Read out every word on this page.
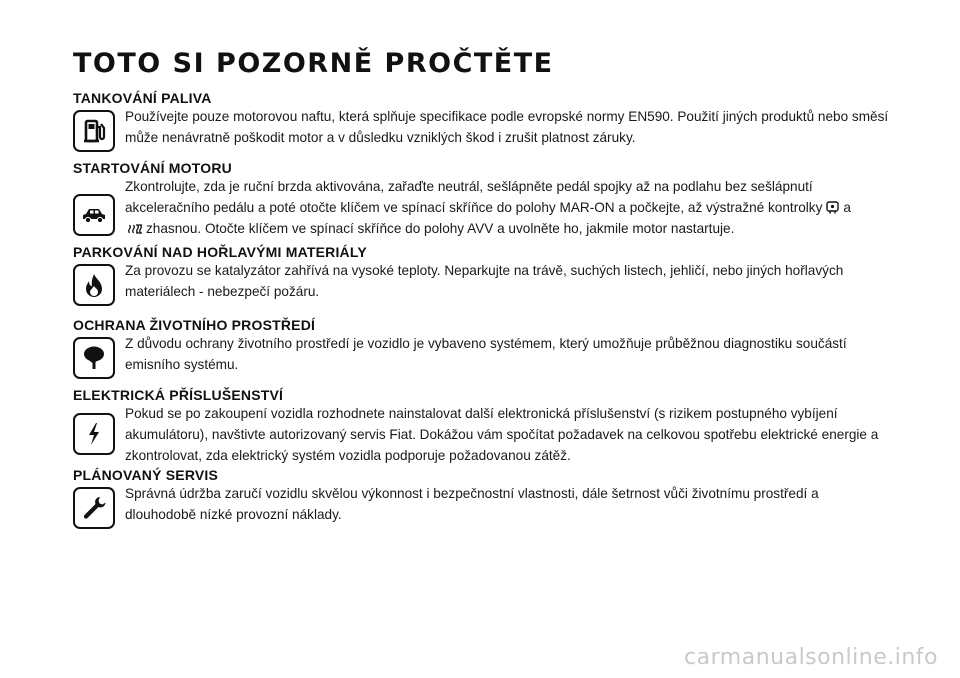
TOTO SI POZORNĚ PROČTĚTE
TANKOVÁNÍ PALIVA

Používejte pouze motorovou naftu, která splňuje specifikace podle evropské normy EN590. Použití jiných produktů nebo směsí může nenávratně poškodit motor a v důsledku vzniklých škod i zrušit platnost záruky.

STARTOVÁNÍ MOTORU

Zkontrolujte, zda je ruční brzda aktivována, zařaďte neutrál, sešlápněte pedál spojky až na podlahu bez sešlápnutí akceleračního pedálu a poté otočte klíčem ve spínací skříňce do polohy MAR-ON a počkejte, až výstražné kontrolky a
zhasnou. Otočte klíčem ve spínací skříňce do polohy AVV a uvolněte ho, jakmile motor nastartuje.

PARKOVÁNÍ NAD HOŘLAVÝMI MATERIÁLY

Za provozu se katalyzátor zahřívá na vysoké teploty. Neparkujte na trávě, suchých listech, jehličí, nebo jiných hořlavých materiálech - nebezpečí požáru.

OCHRANA ŽIVOTNÍHO PROSTŘEDÍ

Z důvodu ochrany životního prostředí je vozidlo je vybaveno systémem, který umožňuje průběžnou diagnostiku součástí emisního systému.

ELEKTRICKÁ PŘÍSLUŠENSTVÍ

Pokud se po zakoupení vozidla rozhodnete nainstalovat další elektronická příslušenství (s rizikem postupného vybíjení akumulátoru), navštivte autorizovaný servis Fiat. Dokážou vám spočítat požadavek na celkovou spotřebu elektrické energie a zkontrolovat, zda elektrický systém vozidla podporuje požadovanou zátěž.

PLÁNOVANÝ SERVIS

Správná údržba zaručí vozidlu skvělou výkonnost i bezpečnostní vlastnosti, dále šetrnost vůči životnímu prostředí a dlouhodobě nízké provozní náklady.

carmanualsonline.info
